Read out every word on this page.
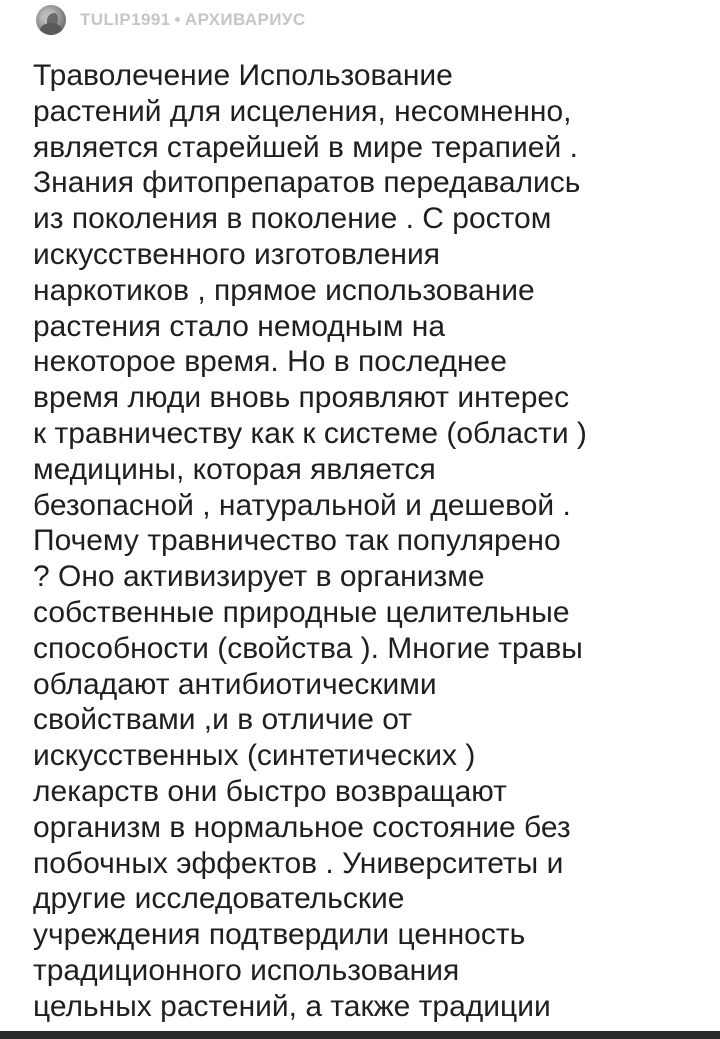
TULIP1991 • АРХИВАРИУС
Траволечение Использование
растений для исцеления, несомненно,
является старейшей в мире терапией .
Знания фитопрепаратов передавались
из поколения в поколение . С ростом
искусственного изготовления
наркотиков , прямое использование
растения стало немодным на
некоторое время. Но в последнее
время люди вновь проявляют интерес
к травничеству как к системе (области )
медицины, которая является
безопасной , натуральной и дешевой .
Почему травничество так популярено
? Оно активизирует в организме
собственные природные целительные
способности (свойства ). Многие травы
обладают антибиотическими
свойствами ,и в отличие от
искусственных (синтетических )
лекарств они быстро возвращают
организм в нормальное состояние без
побочных эффектов . Университеты и
другие исследовательские
учреждения подтвердили ценность
традиционного использования
цельных растений, а также традиции
